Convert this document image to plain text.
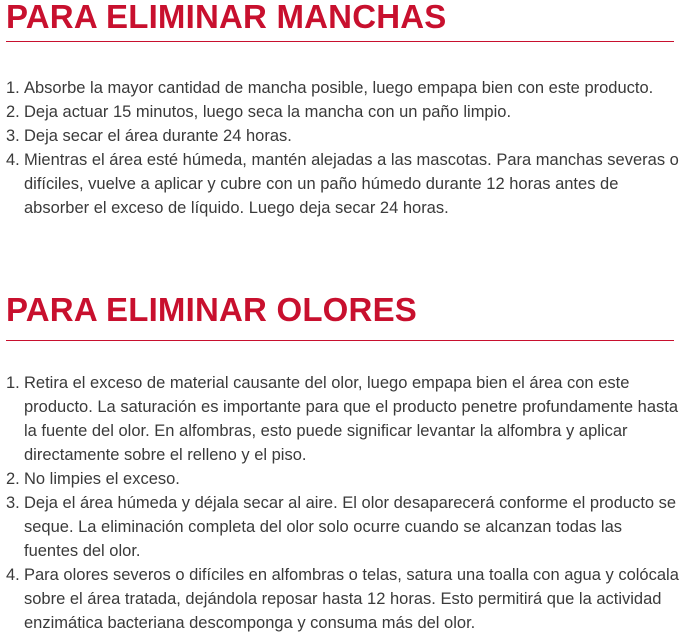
PARA ELIMINAR MANCHAS
1. Absorbe la mayor cantidad de mancha posible, luego empapa bien con este producto.
2. Deja actuar 15 minutos, luego seca la mancha con un paño limpio.
3. Deja secar el área durante 24 horas.
4. Mientras el área esté húmeda, mantén alejadas a las mascotas. Para manchas severas o difíciles, vuelve a aplicar y cubre con un paño húmedo durante 12 horas antes de absorber el exceso de líquido. Luego deja secar 24 horas.
PARA ELIMINAR OLORES
1. Retira el exceso de material causante del olor, luego empapa bien el área con este producto. La saturación es importante para que el producto penetre profundamente hasta la fuente del olor. En alfombras, esto puede significar levantar la alfombra y aplicar directamente sobre el relleno y el piso.
2. No limpies el exceso.
3. Deja el área húmeda y déjala secar al aire. El olor desaparecerá conforme el producto se seque. La eliminación completa del olor solo ocurre cuando se alcanzan todas las fuentes del olor.
4. Para olores severos o difíciles en alfombras o telas, satura una toalla con agua y colócala sobre el área tratada, dejándola reposar hasta 12 horas. Esto permitirá que la actividad enzimática bacteriana descomponga y consuma más del olor.
